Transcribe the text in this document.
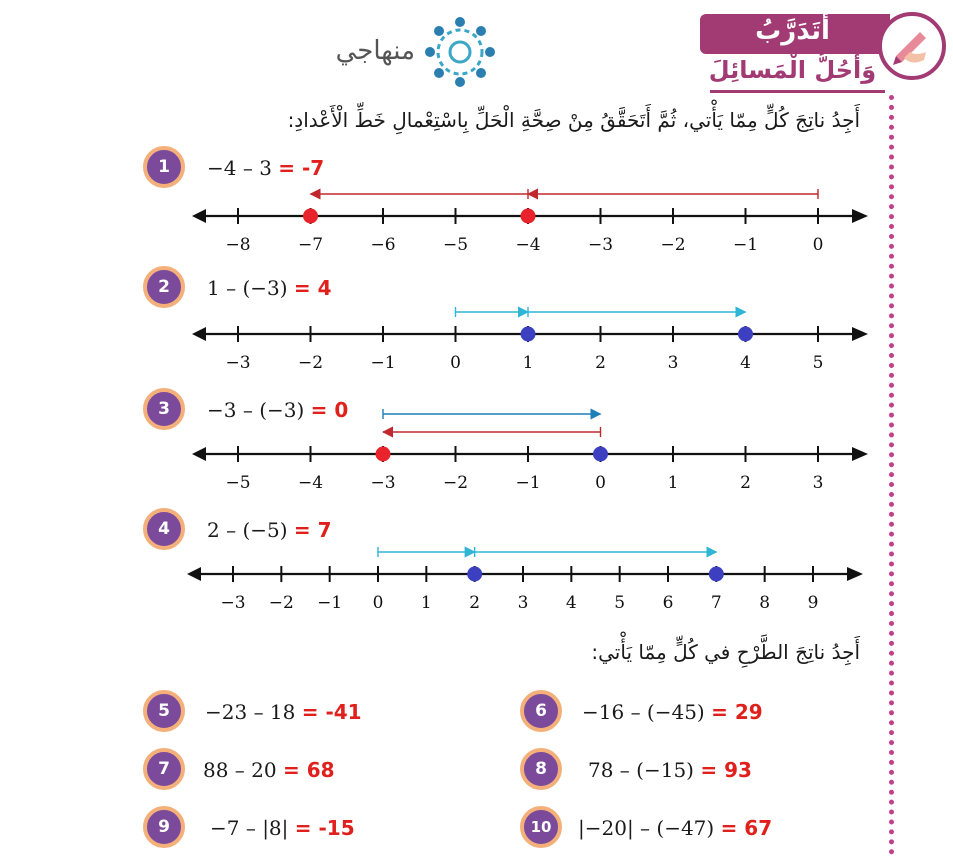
منهاجي
أَتَدَرَّبُ
وَأَحُلُّ الْمَسائِلَ
أَجِدُ ناتِجَ كُلٍّ مِمّا يَأْتي، ثُمَّ أَتَحَقَّقُ مِنْ صِحَّةِ الْحَلِّ بِاسْتِعْمالِ خَطِّ الْأَعْدادِ:
1	−4 – 3 = -7
−8	−7	−6	−5	−4	−3	−2	−1	0
2	1 – (−3) = 4
−3	−2	−1	0	1	2	3	4	5
3	−3 – (−3) = 0
−5	−4	−3	−2	−1	0	1	2	3
4	2 – (−5) = 7
−3 −2 −1 0 1 2 3 4 5 6 7 8 9
أَجِدُ ناتِجَ الطَّرْحِ في كُلٍّ مِمّا يَأْتي:
5	−23 – 18 = -41	6	−16 – (−45) = 29
7	88 – 20 = 68	8	78 – (−15) = 93
9	−7 – |8| = -15	10	|−20| – (−47) = 67
